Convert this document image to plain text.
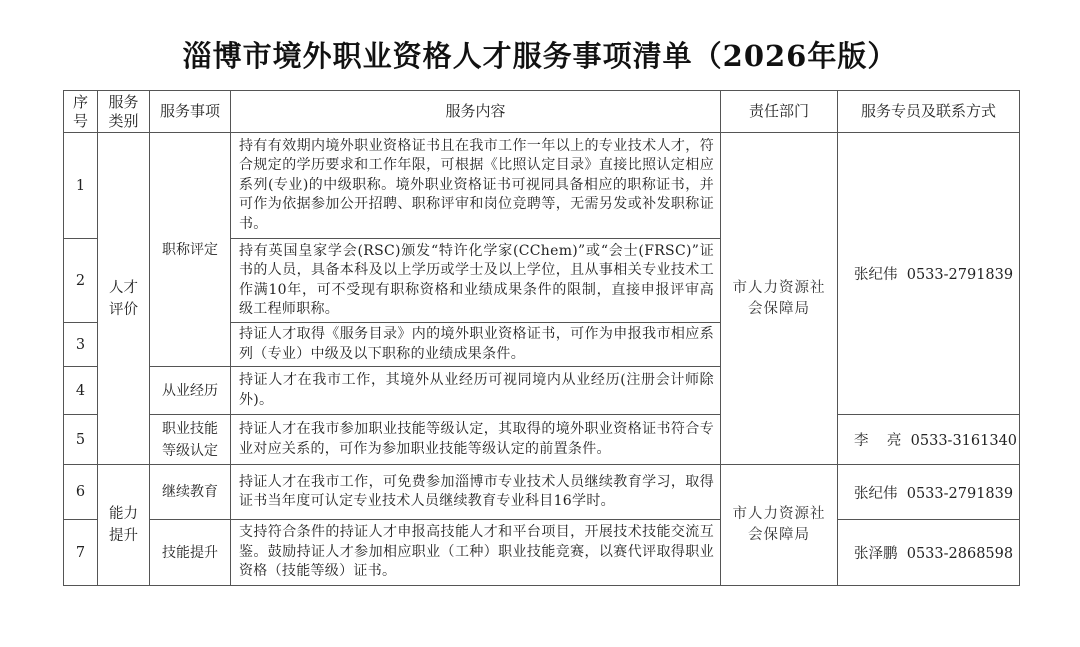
淄博市境外职业资格人才服务事项清单（2026年版）
序号	服务类别	服务事项	服务内容	责任部门	服务专员及联系方式
1	人才评价	职称评定	持有有效期内境外职业资格证书且在我市工作一年以上的专业技术人才，符合规定的学历要求和工作年限，可根据《比照认定目录》直接比照认定相应系列(专业)的中级职称。境外职业资格证书可视同具备相应的职称证书，并可作为依据参加公开招聘、职称评审和岗位竞聘等，无需另发或补发职称证书。	市人力资源社会保障局	张纪伟  0533-2791839
2			持有英国皇家学会(RSC)颁发“特许化学家(CChem)”或“会士(FRSC)”证书的人员，具备本科及以上学历或学士及以上学位，且从事相关专业技术工作满10年，可不受现有职称资格和业绩成果条件的限制，直接申报评审高级工程师职称。		
3			持证人才取得《服务目录》内的境外职业资格证书，可作为申报我市相应系列（专业）中级及以下职称的业绩成果条件。		
4		从业经历	持证人才在我市工作，其境外从业经历可视同境内从业经历(注册会计师除外)。		
5		职业技能等级认定	持证人才在我市参加职业技能等级认定，其取得的境外职业资格证书符合专业对应关系的，可作为参加职业技能等级认定的前置条件。		李    亮  0533-3161340
6	能力提升	继续教育	持证人才在我市工作，可免费参加淄博市专业技术人员继续教育学习，取得证书当年度可认定专业技术人员继续教育专业科目16学时。	市人力资源社会保障局	张纪伟  0533-2791839
7		技能提升	支持符合条件的持证人才申报高技能人才和平台项目，开展技术技能交流互鉴。鼓励持证人才参加相应职业（工种）职业技能竞赛，以赛代评取得职业资格（技能等级）证书。		张泽鹏  0533-2868598
